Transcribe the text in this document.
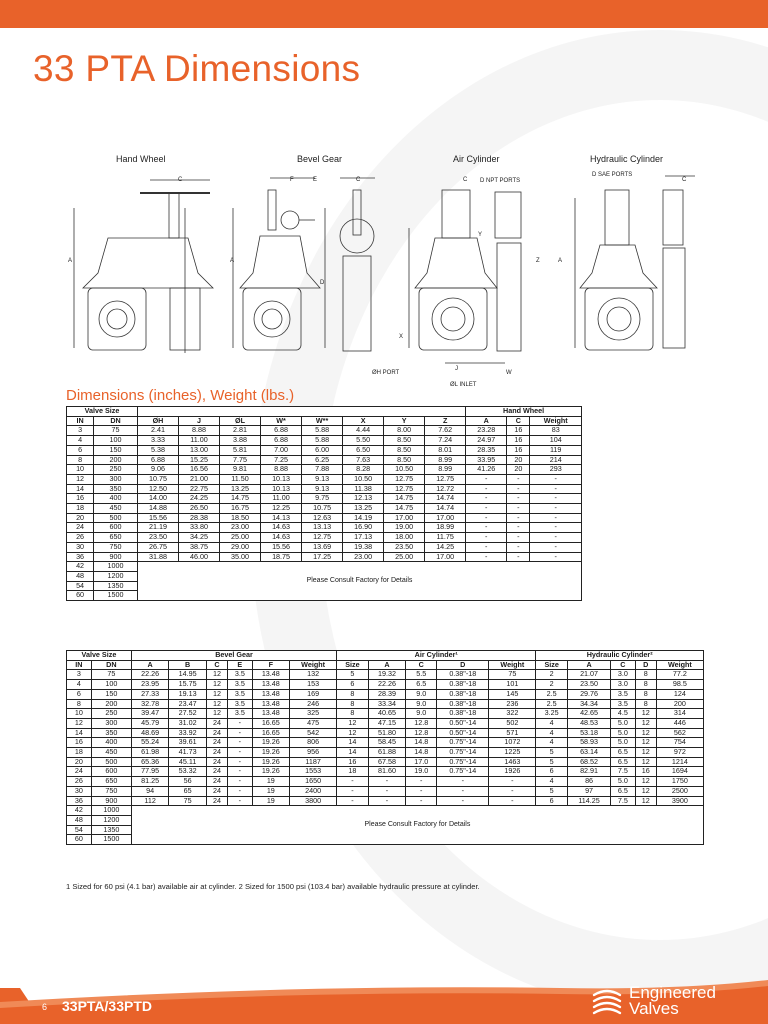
33 PTA Dimensions
Hand Wheel	Bevel Gear	Air Cylinder	Hydraulic Cylinder
C	F	E	C
A
D
A
X
C D NPT PORTS
Y
Z
ØH PORT
J
ØL INLET
W
D SAE PORTS
C
A
Dimensions (inches), Weight (lbs.)
Valve Size										Hand Wheel		
IN	DN	ØH	J	ØL	W*	W**	X	Y	Z	A	C	Weight
3	75	2.41	8.88	2.81	6.88	5.88	4.44	8.00	7.62	23.28	16	83
4	100	3.33	11.00	3.88	6.88	5.88	5.50	8.50	7.24	24.97	16	104
6	150	5.38	13.00	5.81	7.00	6.00	6.50	8.50	8.01	28.35	16	119
8	200	6.88	15.25	7.75	7.25	6.25	7.63	8.50	8.99	33.95	20	214
10	250	9.06	16.56	9.81	8.88	7.88	8.28	10.50	8.99	41.26	20	293
12	300	10.75	21.00	11.50	10.13	9.13	10.50	12.75	12.75	-	-	-
14	350	12.50	22.75	13.25	10.13	9.13	11.38	12.75	12.72	-	-	-
16	400	14.00	24.25	14.75	11.00	9.75	12.13	14.75	14.74	-	-	-
18	450	14.88	26.50	16.75	12.25	10.75	13.25	14.75	14.74	-	-	-
20	500	15.56	28.38	18.50	14.13	12.63	14.19	17.00	17.00	-	-	-
24	600	21.19	33.80	23.00	14.63	13.13	16.90	19.00	18.99	-	-	-
26	650	23.50	34.25	25.00	14.63	12.75	17.13	18.00	11.75	-	-	-
30	750	26.75	38.75	29.00	15.56	13.69	19.38	23.50	14.25	-	-	-
36	900	31.88	46.00	35.00	18.75	17.25	23.00	25.00	17.00	-	-	-
42	1000	Please Consult Factory for Details										
48	1200											
54	1350											
60	1500											
Valve Size		Bevel Gear						Air Cylinder¹					Hydraulic Cylinder²				
IN	DN	A	B	C	E	F	Weight	Size	A	C	D	Weight	Size	A	C	D	Weight
3	75	22.26	14.95	12	3.5	13.48	132	5	19.32	5.5	0.38"-18	75	2	21.07	3.0	8	77.2
4	100	23.95	15.75	12	3.5	13.48	153	6	22.26	6.5	0.38"-18	101	2	23.50	3.0	8	98.5
6	150	27.33	19.13	12	3.5	13.48	169	8	28.39	9.0	0.38"-18	145	2.5	29.76	3.5	8	124
8	200	32.78	23.47	12	3.5	13.48	246	8	33.34	9.0	0.38"-18	236	2.5	34.34	3.5	8	200
10	250	39.47	27.52	12	3.5	13.48	325	8	40.65	9.0	0.38"-18	322	3.25	42.65	4.5	12	314
12	300	45.79	31.02	24	-	16.65	475	12	47.15	12.8	0.50"-14	502	4	48.53	5.0	12	446
14	350	48.69	33.92	24	-	16.65	542	12	51.80	12.8	0.50"-14	571	4	53.18	5.0	12	562
16	400	55.24	39.61	24	-	19.26	806	14	58.45	14.8	0.75"-14	1072	4	58.93	5.0	12	754
18	450	61.98	41.73	24	-	19.26	956	14	61.88	14.8	0.75"-14	1225	5	63.14	6.5	12	972
20	500	65.36	45.11	24	-	19.26	1187	16	67.58	17.0	0.75"-14	1463	5	68.52	6.5	12	1214
24	600	77.95	53.32	24	-	19.26	1553	18	81.60	19.0	0.75"-14	1926	6	82.91	7.5	16	1694
26	650	81.25	56	24	-	19	1650	-	-	-	-	-	4	86	5.0	12	1750
30	750	94	65	24	-	19	2400	-	-	-	-	-	5	97	6.5	12	2500
36	900	112	75	24	-	19	3800	-	-	-	-	-	6	114.25	7.5	12	3900
42	1000	Please Consult Factory for Details															
48	1200																
54	1350																
60	1500																
1 Sized for 60 psi (4.1 bar) available air at cylinder. 2 Sized for 1500 psi (103.4 bar) available hydraulic pressure at cylinder.
6 33PTA/33PTD
Engineered
Valves
